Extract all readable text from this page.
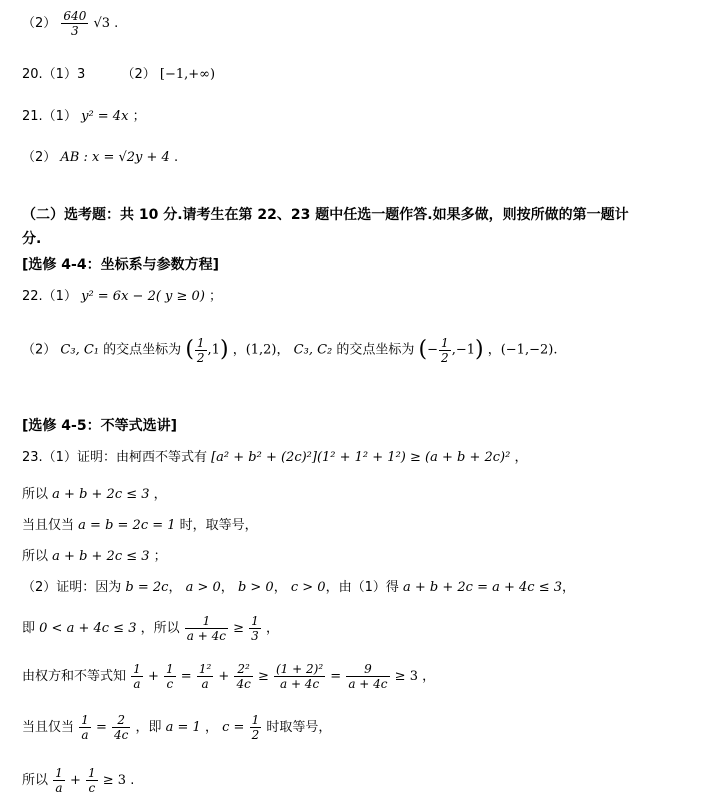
$(2) \frac{640}{3} √3$ .
20.（1）3	（2） [−1,+∞)
21.（1） y² = 4x ；
（2） AB : x = √2y + 4 .
（二）选考题：共 10 分.请考生在第 22、23 题中任选一题作答.如果多做，则按所做的第一题计
分.
[选修 4-4：坐标系与参数方程]
22.（1） y² = 6x − 2( y ≥ 0) ；
（2） C₃, C₁ 的交点坐标为 ( $\frac{1}{2} ,1$) ，(1,2)， C₃, C₂ 的交点坐标为 (− $\frac{1}{2} ,-1$) ，(−1,−2).
[选修 4-5：不等式选讲]
23.（1）证明：由柯西不等式有 [a² + b² + (2c)²](1² + 1² + 1²) ≥ (a + b + 2c)² ，
所以 a + b + 2c ≤ 3 ，
当且仅当 a = b = 2c = 1 时，取等号，
所以 a + b + 2c ≤ 3 ；
（2）证明：因为 b = 2c， a > 0， b > 0， c > 0，由（1）得 a + b + 2c = a + 4c ≤ 3，
即 0 < a + 4c ≤ 3 ，所以 $\frac{1}{a + 4c} \ge \frac{1}{3}$ ，
由权方和不等式知 $\frac{1}{a} + \frac{1}{c} = \frac{\text{1²}}{a} + \frac{\text{2²}}{4c} \ge \frac{\text{(1 + 2)²}}{a + 4c} = \frac{9}{a + 4c} \ge 3$ ，
当且仅当 $\frac{1}{a} = \frac{2}{4c}$ ，即 a = 1 ， $c = \frac{1}{2}$ 时取等号，
所以 $\frac{1}{a} + \frac{1}{c} \ge 3$ .
